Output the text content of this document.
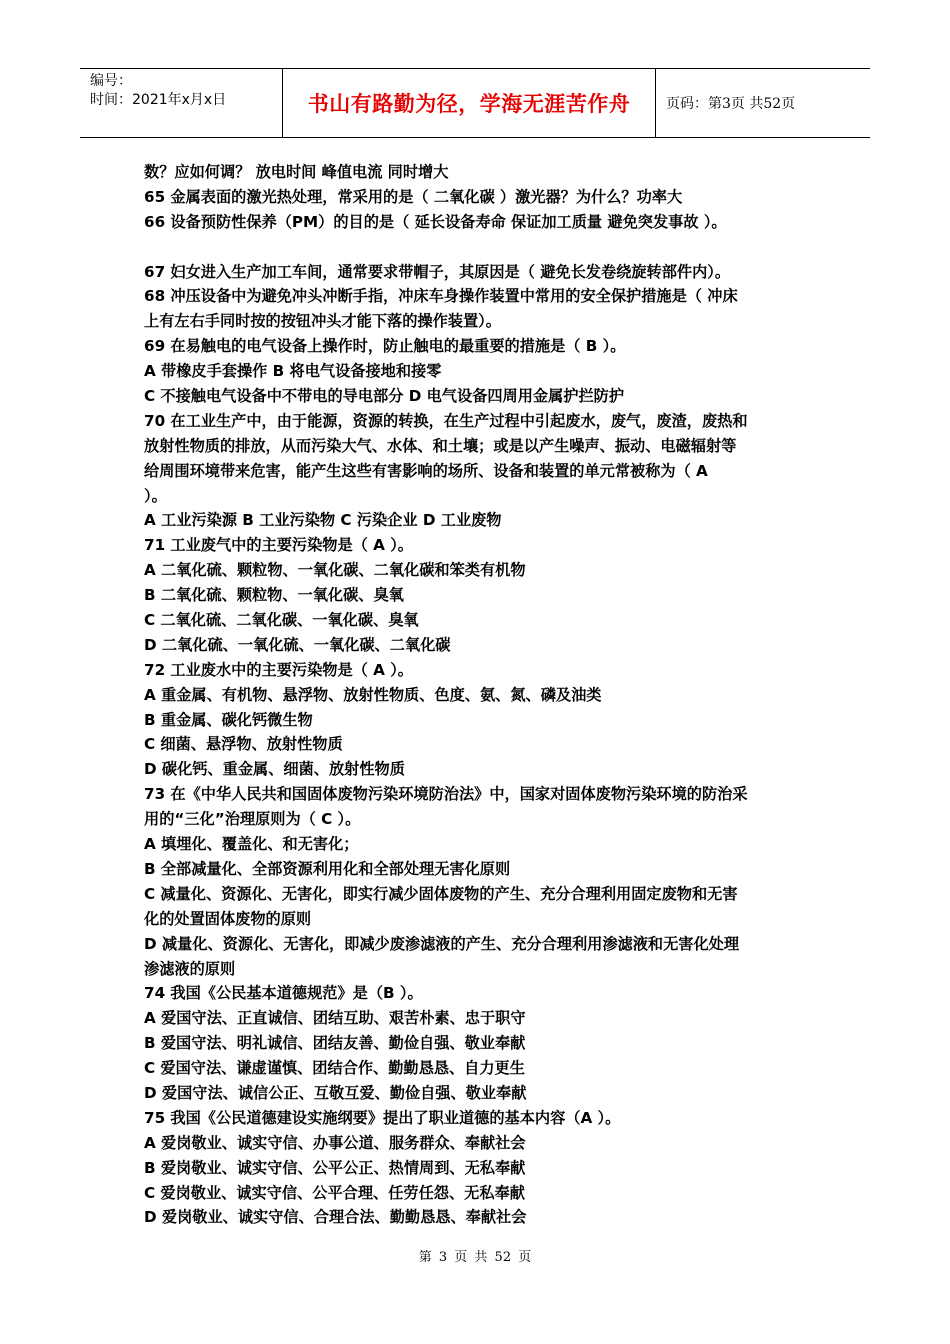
编号：
时间：2021年x月x日	书山有路勤为径，学海无涯苦作舟	页码：第3页 共52页
数？应如何调？ 放电时间 峰值电流 同时增大
65 金属表面的激光热处理，常采用的是（ 二氧化碳 ）激光器？为什么？功率大
66 设备预防性保养（PM）的目的是（ 延长设备寿命 保证加工质量 避免突发事故 ）。
67 妇女进入生产加工车间，通常要求带帽子，其原因是（ 避免长发卷绕旋转部件内）。
68 冲压设备中为避免冲头冲断手指，冲床车身操作装置中常用的安全保护措施是（ 冲床
上有左右手同时按的按钮冲头才能下落的操作装置）。
69 在易触电的电气设备上操作时，防止触电的最重要的措施是（ B ）。
A 带橡皮手套操作 B 将电气设备接地和接零
C 不接触电气设备中不带电的导电部分 D 电气设备四周用金属护拦防护
70 在工业生产中，由于能源，资源的转换，在生产过程中引起废水，废气，废渣，废热和
放射性物质的排放，从而污染大气、水体、和土壤；或是以产生噪声、振动、电磁辐射等
给周围环境带来危害，能产生这些有害影响的场所、设备和装置的单元常被称为（ A
）。
A 工业污染源 B 工业污染物 C 污染企业 D 工业废物
71 工业废气中的主要污染物是（ A ）。
A 二氧化硫、颗粒物、一氧化碳、二氧化碳和笨类有机物
B 二氧化硫、颗粒物、一氧化碳、臭氧
C 二氧化硫、二氧化碳、一氧化碳、臭氧
D 二氧化硫、一氧化硫、一氧化碳、二氧化碳
72 工业废水中的主要污染物是（ A ）。
A 重金属、有机物、悬浮物、放射性物质、色度、氨、氮、磷及油类
B 重金属、碳化钙微生物
C 细菌、悬浮物、放射性物质
D 碳化钙、重金属、细菌、放射性物质
73 在《中华人民共和国固体废物污染环境防治法》中，国家对固体废物污染环境的防治采
用的“三化”治理原则为（ C ）。
A 填埋化、覆盖化、和无害化；
B 全部减量化、全部资源利用化和全部处理无害化原则
C 减量化、资源化、无害化，即实行减少固体废物的产生、充分合理利用固定废物和无害
化的处置固体废物的原则
D 减量化、资源化、无害化，即减少废渗滤液的产生、充分合理利用渗滤液和无害化处理
渗滤液的原则
74 我国《公民基本道德规范》是（B ）。
A 爱国守法、正直诚信、团结互助、艰苦朴素、忠于职守
B 爱国守法、明礼诚信、团结友善、勤俭自强、敬业奉献
C 爱国守法、谦虚谨慎、团结合作、勤勤恳恳、自力更生
D 爱国守法、诚信公正、互敬互爱、勤俭自强、敬业奉献
75 我国《公民道德建设实施纲要》提出了职业道德的基本内容（A ）。
A 爱岗敬业、诚实守信、办事公道、服务群众、奉献社会
B 爱岗敬业、诚实守信、公平公正、热情周到、无私奉献
C 爱岗敬业、诚实守信、公平合理、任劳任怨、无私奉献
D 爱岗敬业、诚实守信、合理合法、勤勤恳恳、奉献社会
第 3 页 共 52 页
